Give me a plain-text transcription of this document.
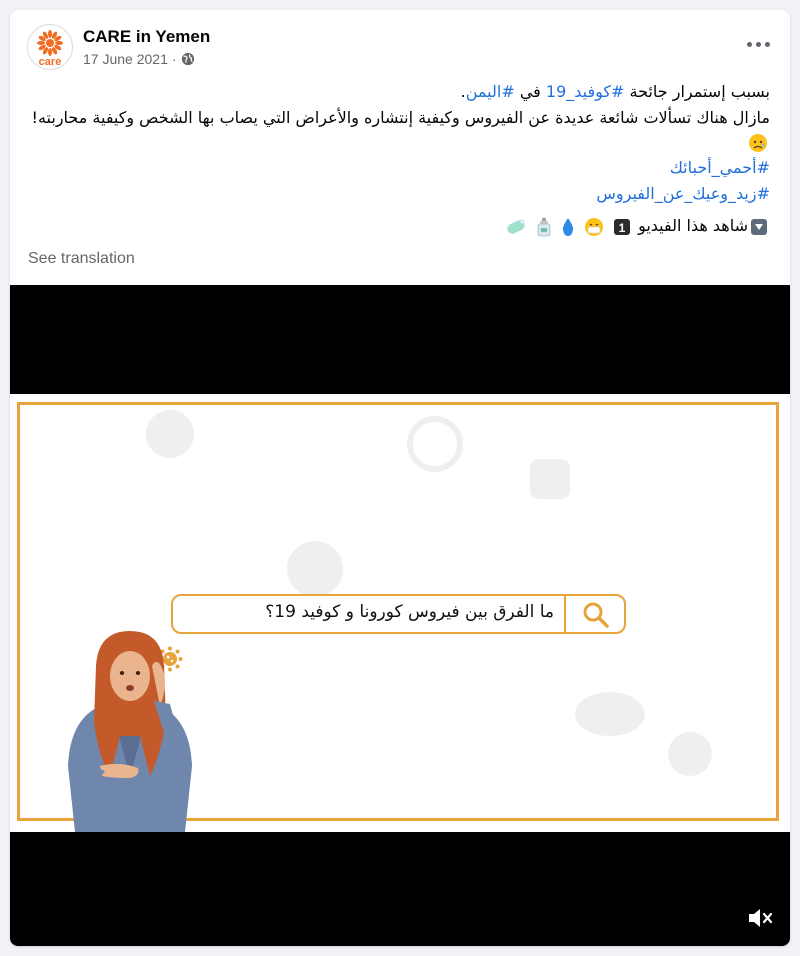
care
CARE in Yemen
17 June 2021 ·

بسبب إستمرار جائحة #كوفيد_19 في #اليمن.

مازال هناك تسألات شائعة عديدة عن الفيروس وكيفية إنتشاره والأعراض التي يصاب بها الشخص وكيفية محاربته!

#أحمي_أحبائك

#زيد_وعيك_عن_الفيروس

شاهد هذا الفيديو
1

See translation
ما الفرق بين فيروس كورونا و كوفيد 19؟
